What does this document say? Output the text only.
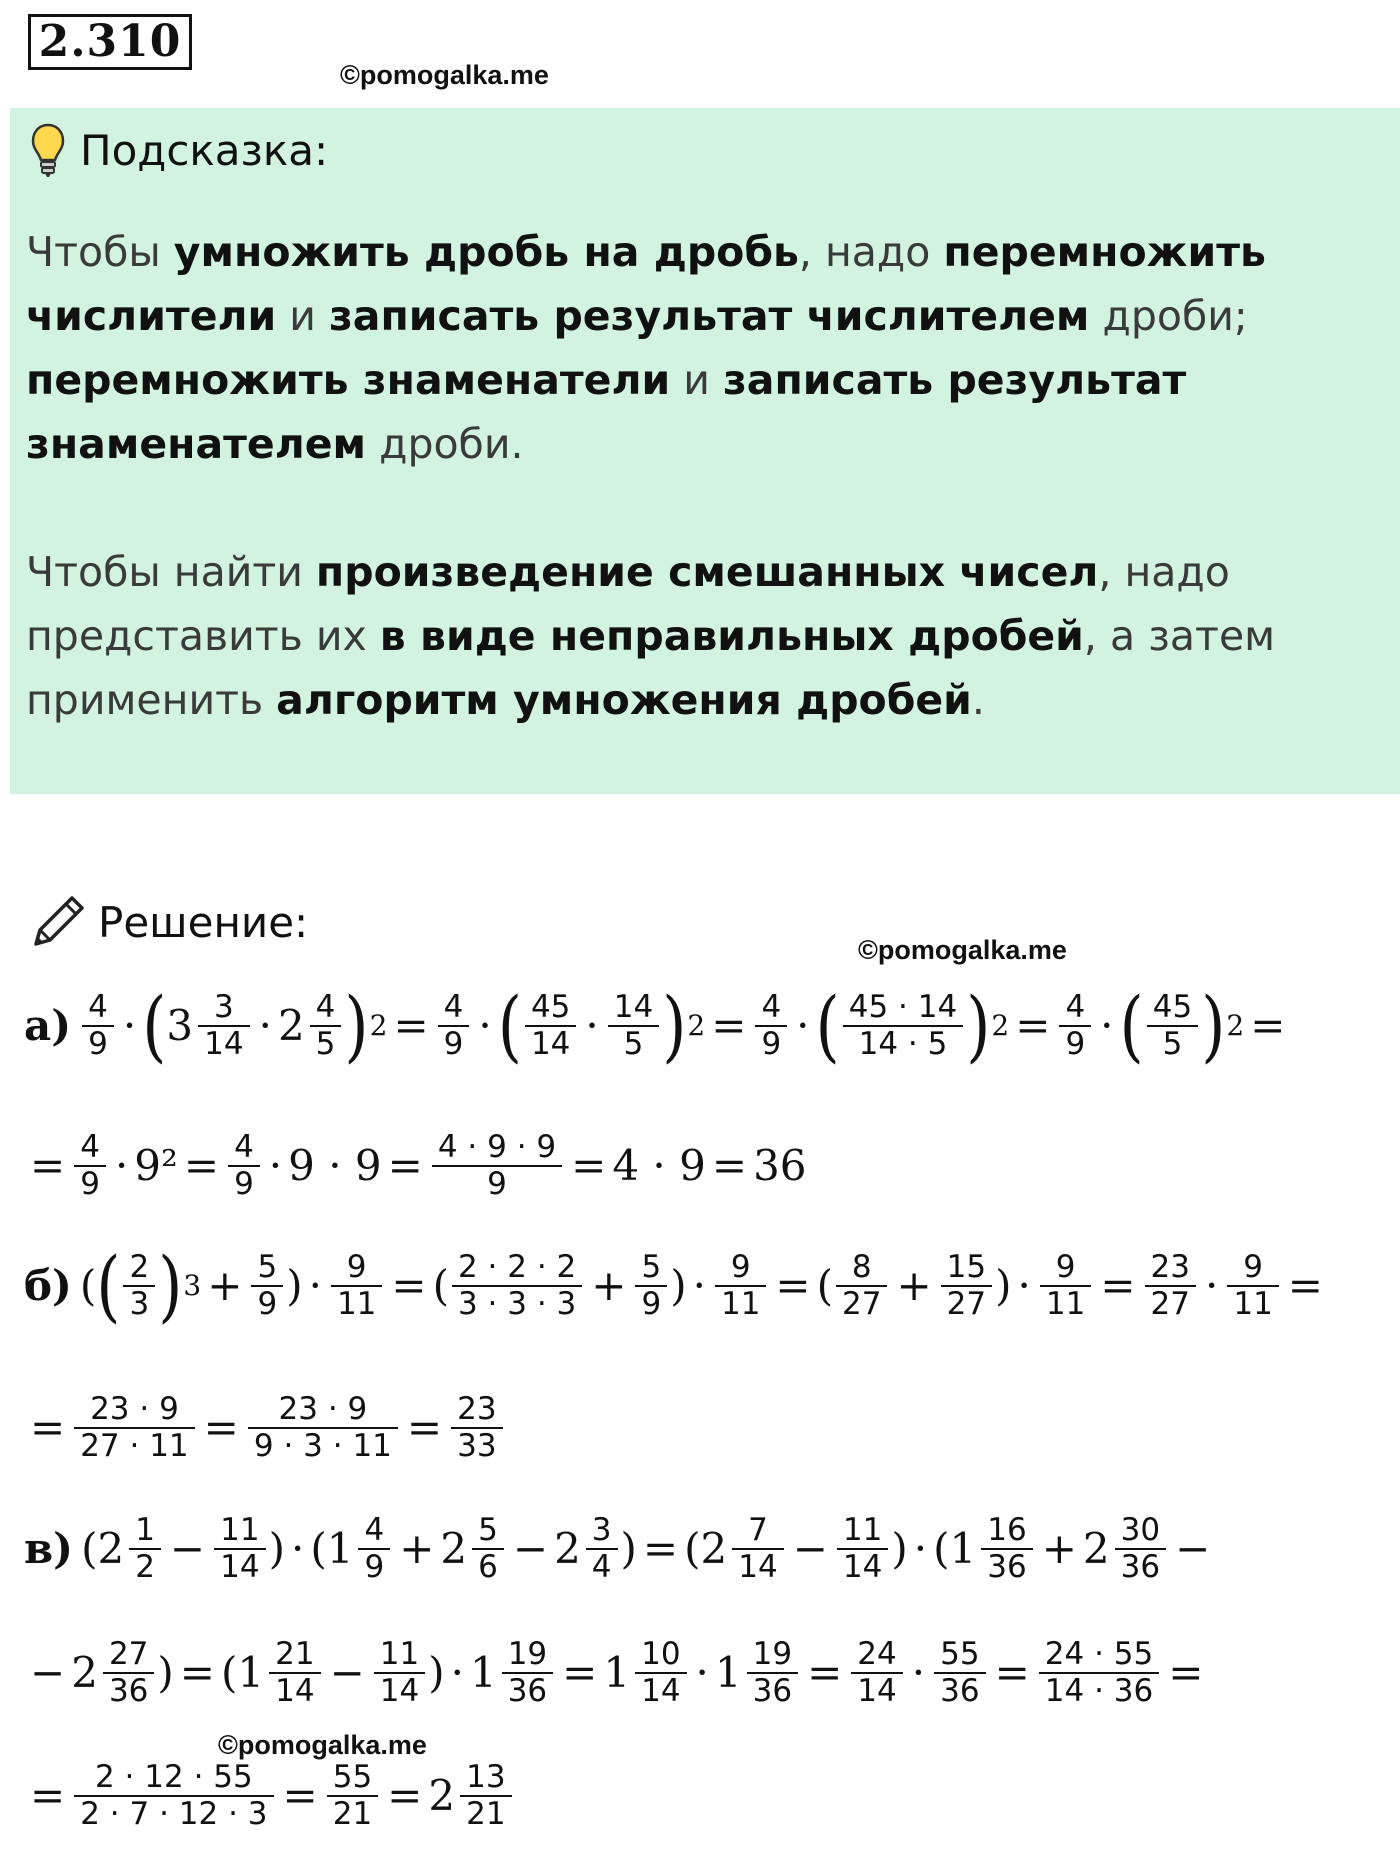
2.310
©pomogalka.me
Подсказка:

Чтобы умножить дробь на дробь, надо перемножить числители и записать результат числителем дроби; перемножить знаменатели и записать результат знаменателем дроби.

Чтобы найти произведение смешанных чисел, надо представить их в виде неправильных дробей, а затем применить алгоритм умножения дробей.

Решение:
©pomogalka.me
а) 4
9 · ( 3 3
14 · 2 4
5 ) 2 = 4
9 · ( 45
14 · 14
5 ) 2 = 4
9 · ( 45 · 14
14 · 5 ) 2 = 4
9 · ( 45
5 ) 2 =
= 4
9 · 9² = 4
9 · 9 · 9 = 4 · 9 · 9
9 = 4 · 9 = 36
б) ( ( 2
3 ) 3 + 5
9 ) · 9
11 = ( 2 · 2 · 2
3 · 3 · 3 + 5
9 ) · 9
11 = ( 8
27 + 15
27 ) · 9
11 = 23
27 · 9
11 =
= 23 · 9
27 · 11 = 23 · 9
9 · 3 · 11 = 23
33
в) ( 2 1
2 − 11
14 ) · ( 1 4
9 + 2 5
6 − 2 3
4 ) = ( 2 7
14 − 11
14 ) · ( 1 16
36 + 2 30
36 −
− 2 27
36 ) = ( 1 21
14 − 11
14 ) · 1 19
36 = 1 10
14 · 1 19
36 = 24
14 · 55
36 = 24 · 55
14 · 36 =
©pomogalka.me
= 2 · 12 · 55
2 · 7 · 12 · 3 = 55
21 = 2 13
21
